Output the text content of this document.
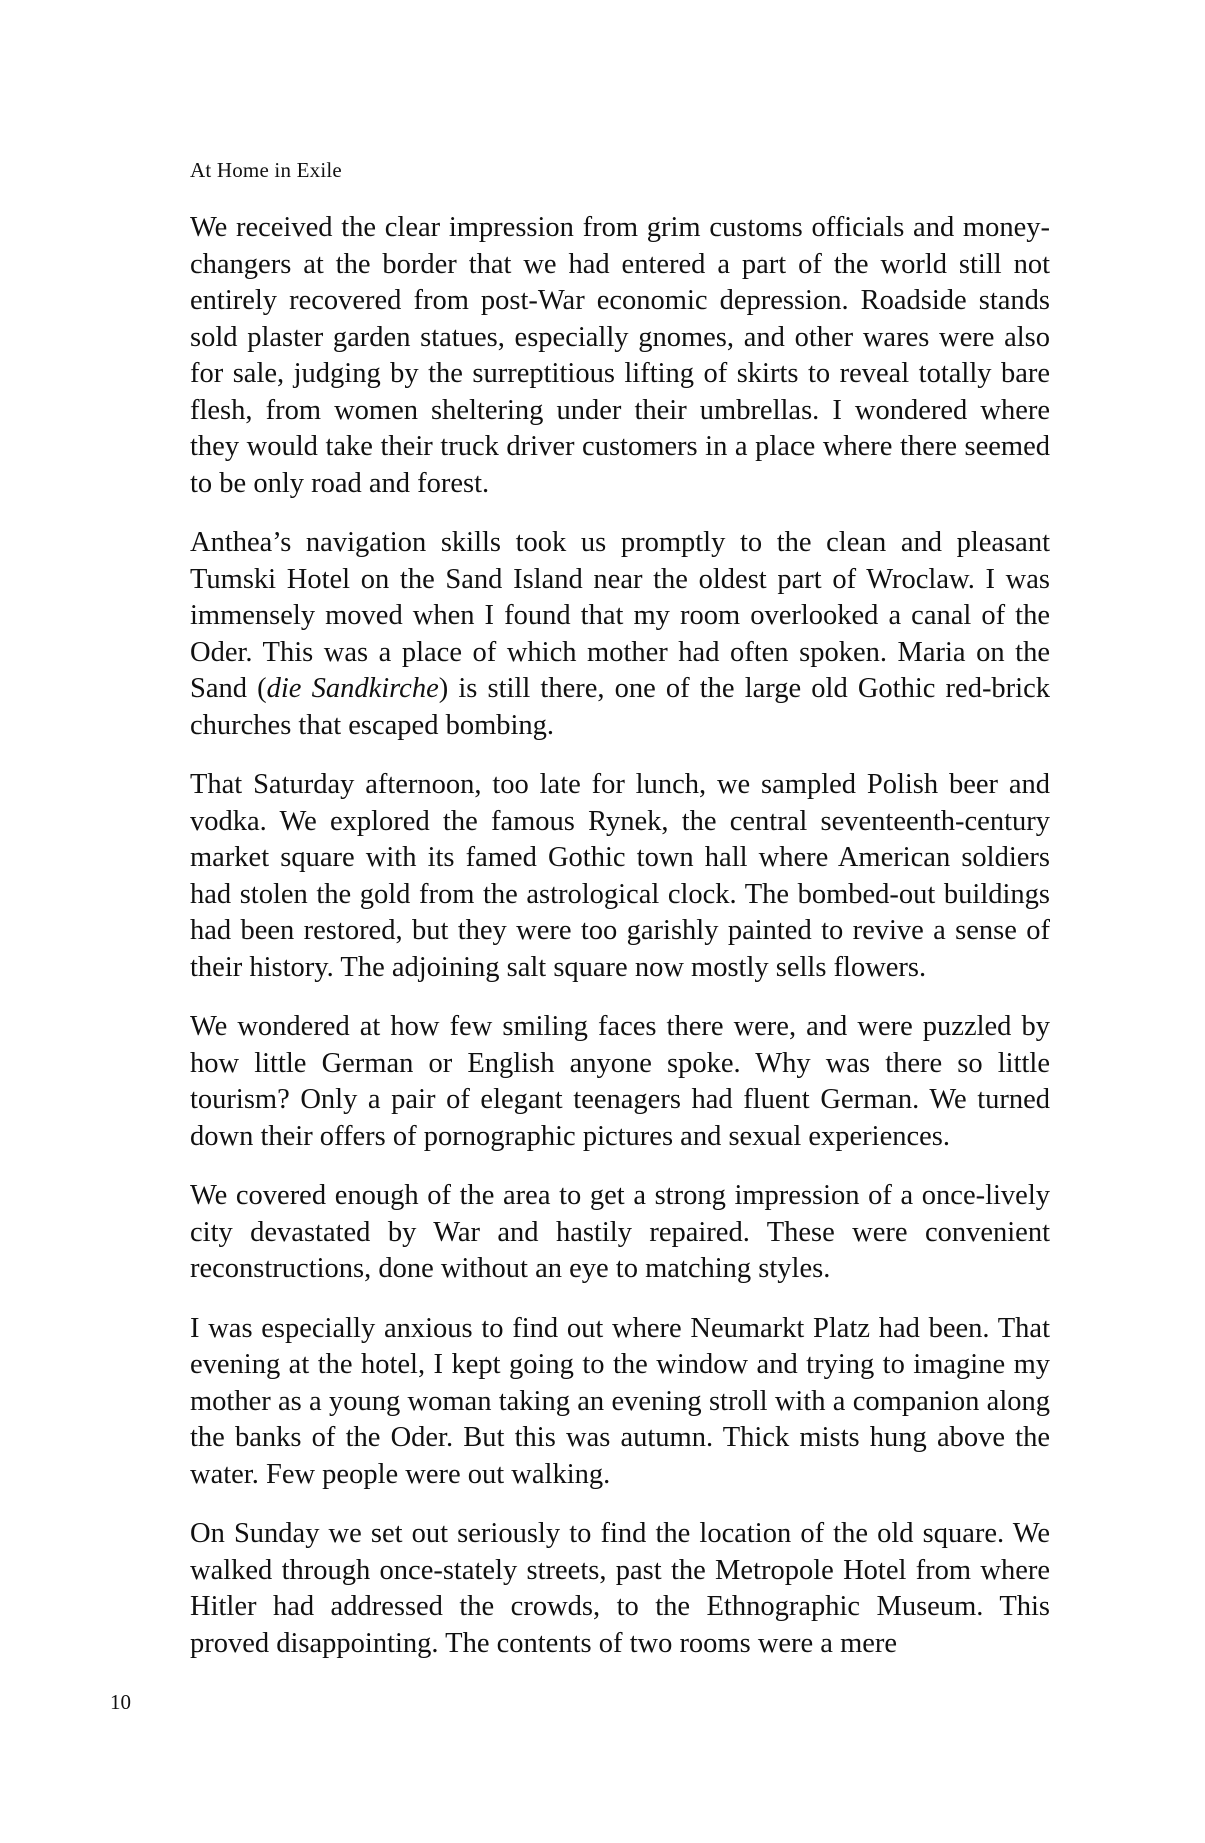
At Home in Exile

We received the clear impression from grim customs officials and money-changers at the border that we had entered a part of the world still not entirely recovered from post-War economic depression. Roadside stands sold plaster garden statues, especially gnomes, and other wares were also for sale, judging by the surreptitious lifting of skirts to reveal totally bare flesh, from women sheltering under their umbrellas. I wondered where they would take their truck driver customers in a place where there seemed to be only road and forest.

Anthea’s navigation skills took us promptly to the clean and pleasant Tumski Hotel on the Sand Island near the oldest part of Wroclaw. I was immensely moved when I found that my room overlooked a canal of the Oder. This was a place of which mother had often spoken. Maria on the Sand (die Sandkirche) is still there, one of the large old Gothic red-brick churches that escaped bombing.

That Saturday afternoon, too late for lunch, we sampled Polish beer and vodka. We explored the famous Rynek, the central seventeenth-century market square with its famed Gothic town hall where American soldiers had stolen the gold from the astrological clock. The bombed-out buildings had been restored, but they were too garishly painted to revive a sense of their history. The adjoining salt square now mostly sells flowers.

We wondered at how few smiling faces there were, and were puzzled by how little German or English anyone spoke. Why was there so little tourism? Only a pair of elegant teenagers had fluent German. We turned down their offers of pornographic pictures and sexual experiences.

We covered enough of the area to get a strong impression of a once-lively city devastated by War and hastily repaired. These were convenient reconstructions, done without an eye to matching styles.

I was especially anxious to find out where Neumarkt Platz had been. That evening at the hotel, I kept going to the window and trying to imagine my mother as a young woman taking an evening stroll with a companion along the banks of the Oder. But this was autumn. Thick mists hung above the water. Few people were out walking.

On Sunday we set out seriously to find the location of the old square. We walked through once-stately streets, past the Metropole Hotel from where Hitler had addressed the crowds, to the Ethnographic Museum. This proved disappointing. The contents of two rooms were a mere

10
